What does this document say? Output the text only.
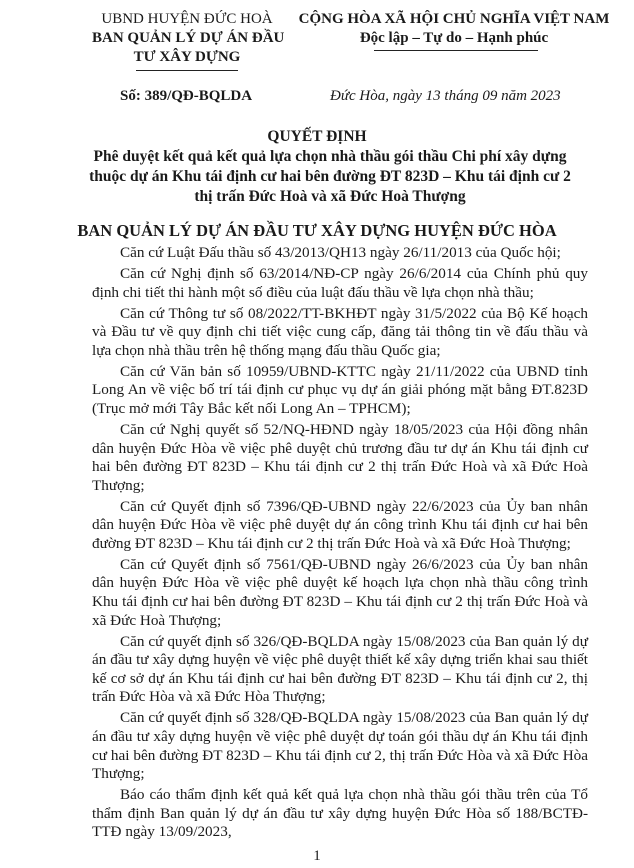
UBND HUYỆN ĐỨC HOÀ
BAN QUẢN LÝ DỰ ÁN ĐẦU
TƯ XÂY DỰNG
CỘNG HÒA XÃ HỘI CHỦ NGHĨA VIỆT NAM
Độc lập – Tự do – Hạnh phúc
Số: 389/QĐ-BQLDA	Đức Hòa, ngày 13 tháng 09 năm 2023
QUYẾT ĐỊNH
Phê duyệt kết quả kết quả lựa chọn nhà thầu gói thầu Chi phí xây dựng thuộc dự án Khu tái định cư hai bên đường ĐT 823D – Khu tái định cư 2 thị trấn Đức Hoà và xã Đức Hoà Thượng
BAN QUẢN LÝ DỰ ÁN ĐẦU TƯ XÂY DỰNG HUYỆN ĐỨC HÒA

Căn cứ Luật Đấu thầu số 43/2013/QH13 ngày 26/11/2013 của Quốc hội;

Căn cứ Nghị định số 63/2014/NĐ-CP ngày 26/6/2014 của Chính phủ quy định chi tiết thi hành một số điều của luật đấu thầu về lựa chọn nhà thầu;

Căn cứ Thông tư số 08/2022/TT-BKHĐT ngày 31/5/2022 của Bộ Kế hoạch và Đầu tư về quy định chi tiết việc cung cấp, đăng tải thông tin về đấu thầu và lựa chọn nhà thầu trên hệ thống mạng đấu thầu Quốc gia;

Căn cứ Văn bản số 10959/UBND-KTTC ngày 21/11/2022 của UBND tỉnh Long An về việc bố trí tái định cư phục vụ dự án giải phóng mặt bằng ĐT.823D (Trục mở mới Tây Bắc kết nối Long An – TPHCM);

Căn cứ Nghị quyết số 52/NQ-HĐND ngày 18/05/2023 của Hội đồng nhân dân huyện Đức Hòa về việc phê duyệt chủ trương đầu tư dự án Khu tái định cư hai bên đường ĐT 823D – Khu tái định cư 2 thị trấn Đức Hoà và xã Đức Hoà Thượng;

Căn cứ Quyết định số 7396/QĐ-UBND ngày 22/6/2023 của Ủy ban nhân dân huyện Đức Hòa về việc phê duyệt dự án công trình Khu tái định cư hai bên đường ĐT 823D – Khu tái định cư 2 thị trấn Đức Hoà và xã Đức Hoà Thượng;

Căn cứ Quyết định số 7561/QĐ-UBND ngày 26/6/2023 của Ủy ban nhân dân huyện Đức Hòa về việc phê duyệt kế hoạch lựa chọn nhà thầu công trình Khu tái định cư hai bên đường ĐT 823D – Khu tái định cư 2 thị trấn Đức Hoà và xã Đức Hoà Thượng;

Căn cứ quyết định số 326/QĐ-BQLDA ngày 15/08/2023 của Ban quản lý dự án đầu tư xây dựng huyện về việc phê duyệt thiết kế xây dựng triển khai sau thiết kế cơ sở dự án Khu tái định cư hai bên đường ĐT 823D – Khu tái định cư 2, thị trấn Đức Hòa và xã Đức Hòa Thượng;

Căn cứ quyết định số 328/QĐ-BQLDA ngày 15/08/2023 của Ban quản lý dự án đầu tư xây dựng huyện về việc phê duyệt dự toán gói thầu dự án Khu tái định cư hai bên đường ĐT 823D – Khu tái định cư 2, thị trấn Đức Hòa và xã Đức Hòa Thượng;

Báo cáo thẩm định kết quả kết quả lựa chọn nhà thầu gói thầu trên của Tổ thẩm định Ban quản lý dự án đầu tư xây dựng huyện Đức Hòa số 188/BCTĐ-TTĐ ngày 13/09/2023,

1
